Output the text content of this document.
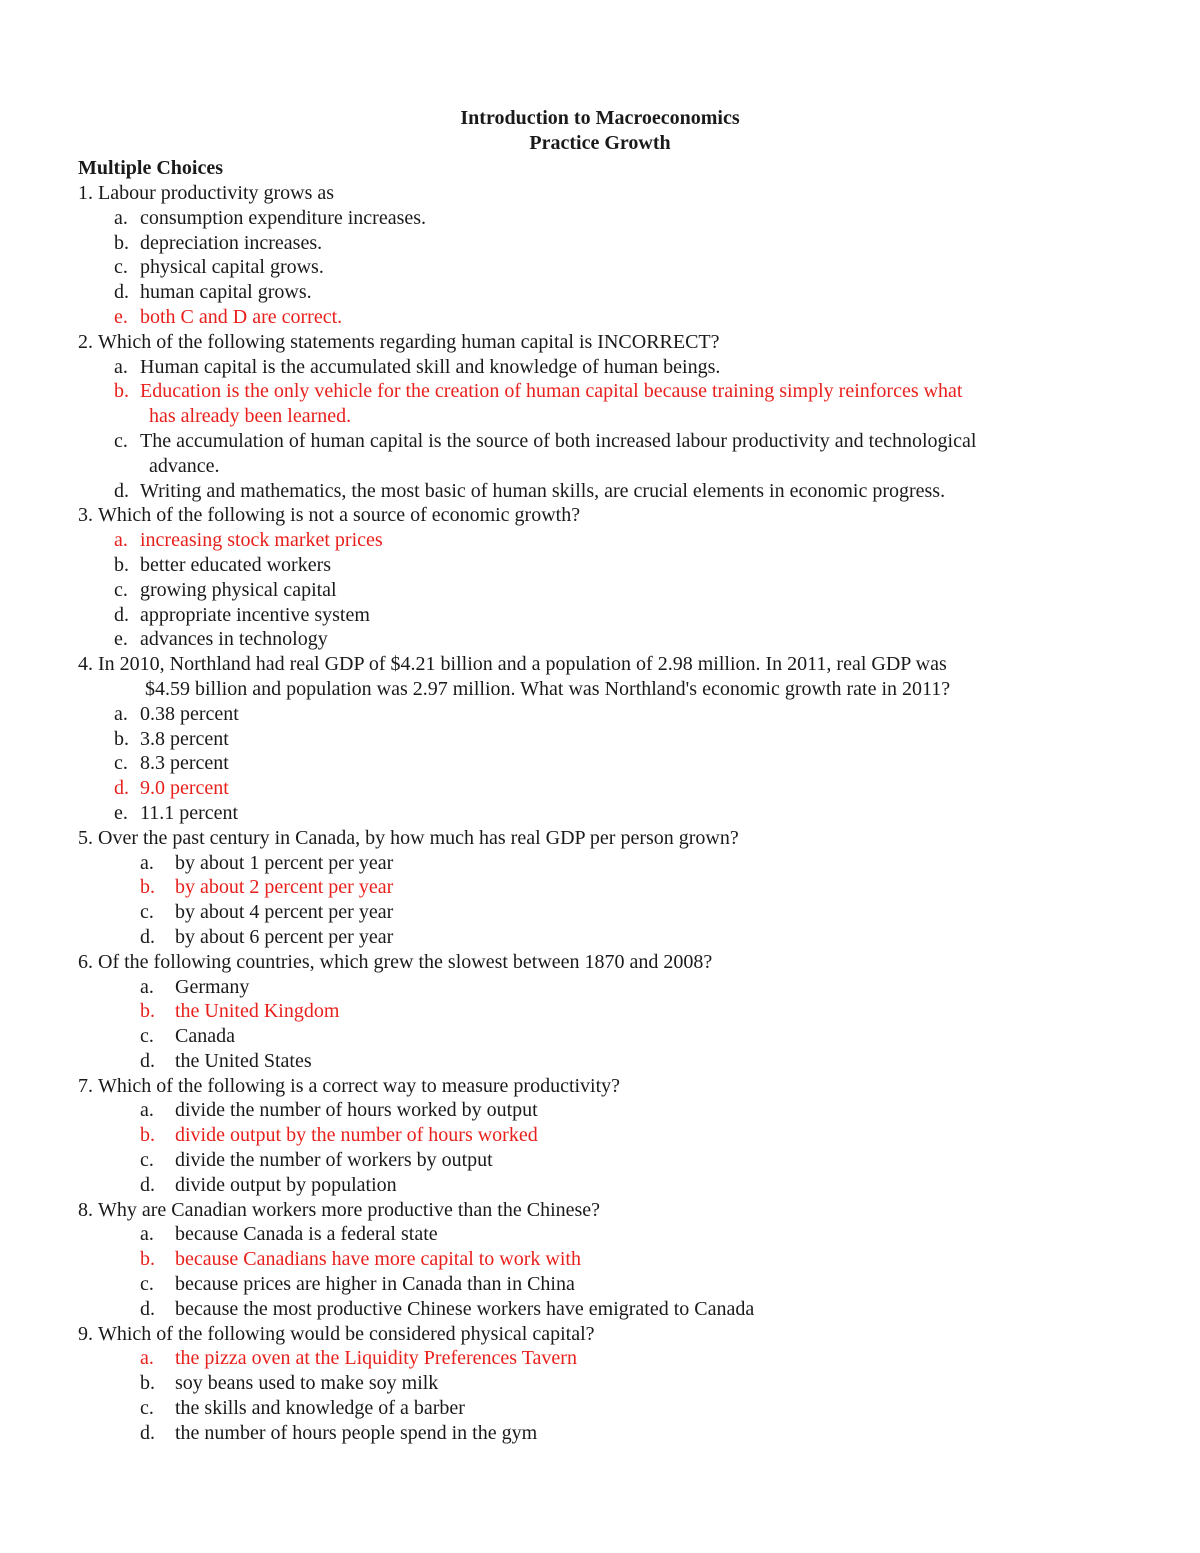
Introduction to Macroeconomics
Practice Growth
Multiple Choices
1.
Labour productivity grows as
a. consumption expenditure increases.
b. depreciation increases.
c. physical capital grows.
d. human capital grows.
e. both C and D are correct.
2.
Which of the following statements regarding human capital is INCORRECT?
a. Human capital is the accumulated skill and knowledge of human beings.
b. Education is the only vehicle for the creation of human capital because training simply reinforces what
has already been learned.
c. The accumulation of human capital is the source of both increased labour productivity and technological
advance.
d. Writing and mathematics, the most basic of human skills, are crucial elements in economic progress.
3.
Which of the following is not a source of economic growth?
a. increasing stock market prices
b. better educated workers
c. growing physical capital
d. appropriate incentive system
e. advances in technology
4.
In 2010, Northland had real GDP of $4.21 billion and a population of 2.98 million. In 2011, real GDP was
$4.59 billion and population was 2.97 million. What was Northland's economic growth rate in 2011?
a. 0.38 percent
b. 3.8 percent
c. 8.3 percent
d. 9.0 percent
e. 11.1 percent
5.
Over the past century in Canada, by how much has real GDP per person grown?
a.	by about 1 percent per year
b.	by about 2 percent per year
c.	by about 4 percent per year
d.	by about 6 percent per year
6.
Of the following countries, which grew the slowest between 1870 and 2008?
a.	Germany
b.	the United Kingdom
c.	Canada
d.	the United States
7.
Which of the following is a correct way to measure productivity?
a.	divide the number of hours worked by output
b.	divide output by the number of hours worked
c.	divide the number of workers by output
d.	divide output by population
8.
Why are Canadian workers more productive than the Chinese?
a.	because Canada is a federal state
b.	because Canadians have more capital to work with
c.	because prices are higher in Canada than in China
d.	because the most productive Chinese workers have emigrated to Canada
9.
Which of the following would be considered physical capital?
a.	the pizza oven at the Liquidity Preferences Tavern
b.	soy beans used to make soy milk
c.	the skills and knowledge of a barber
d.	the number of hours people spend in the gym
